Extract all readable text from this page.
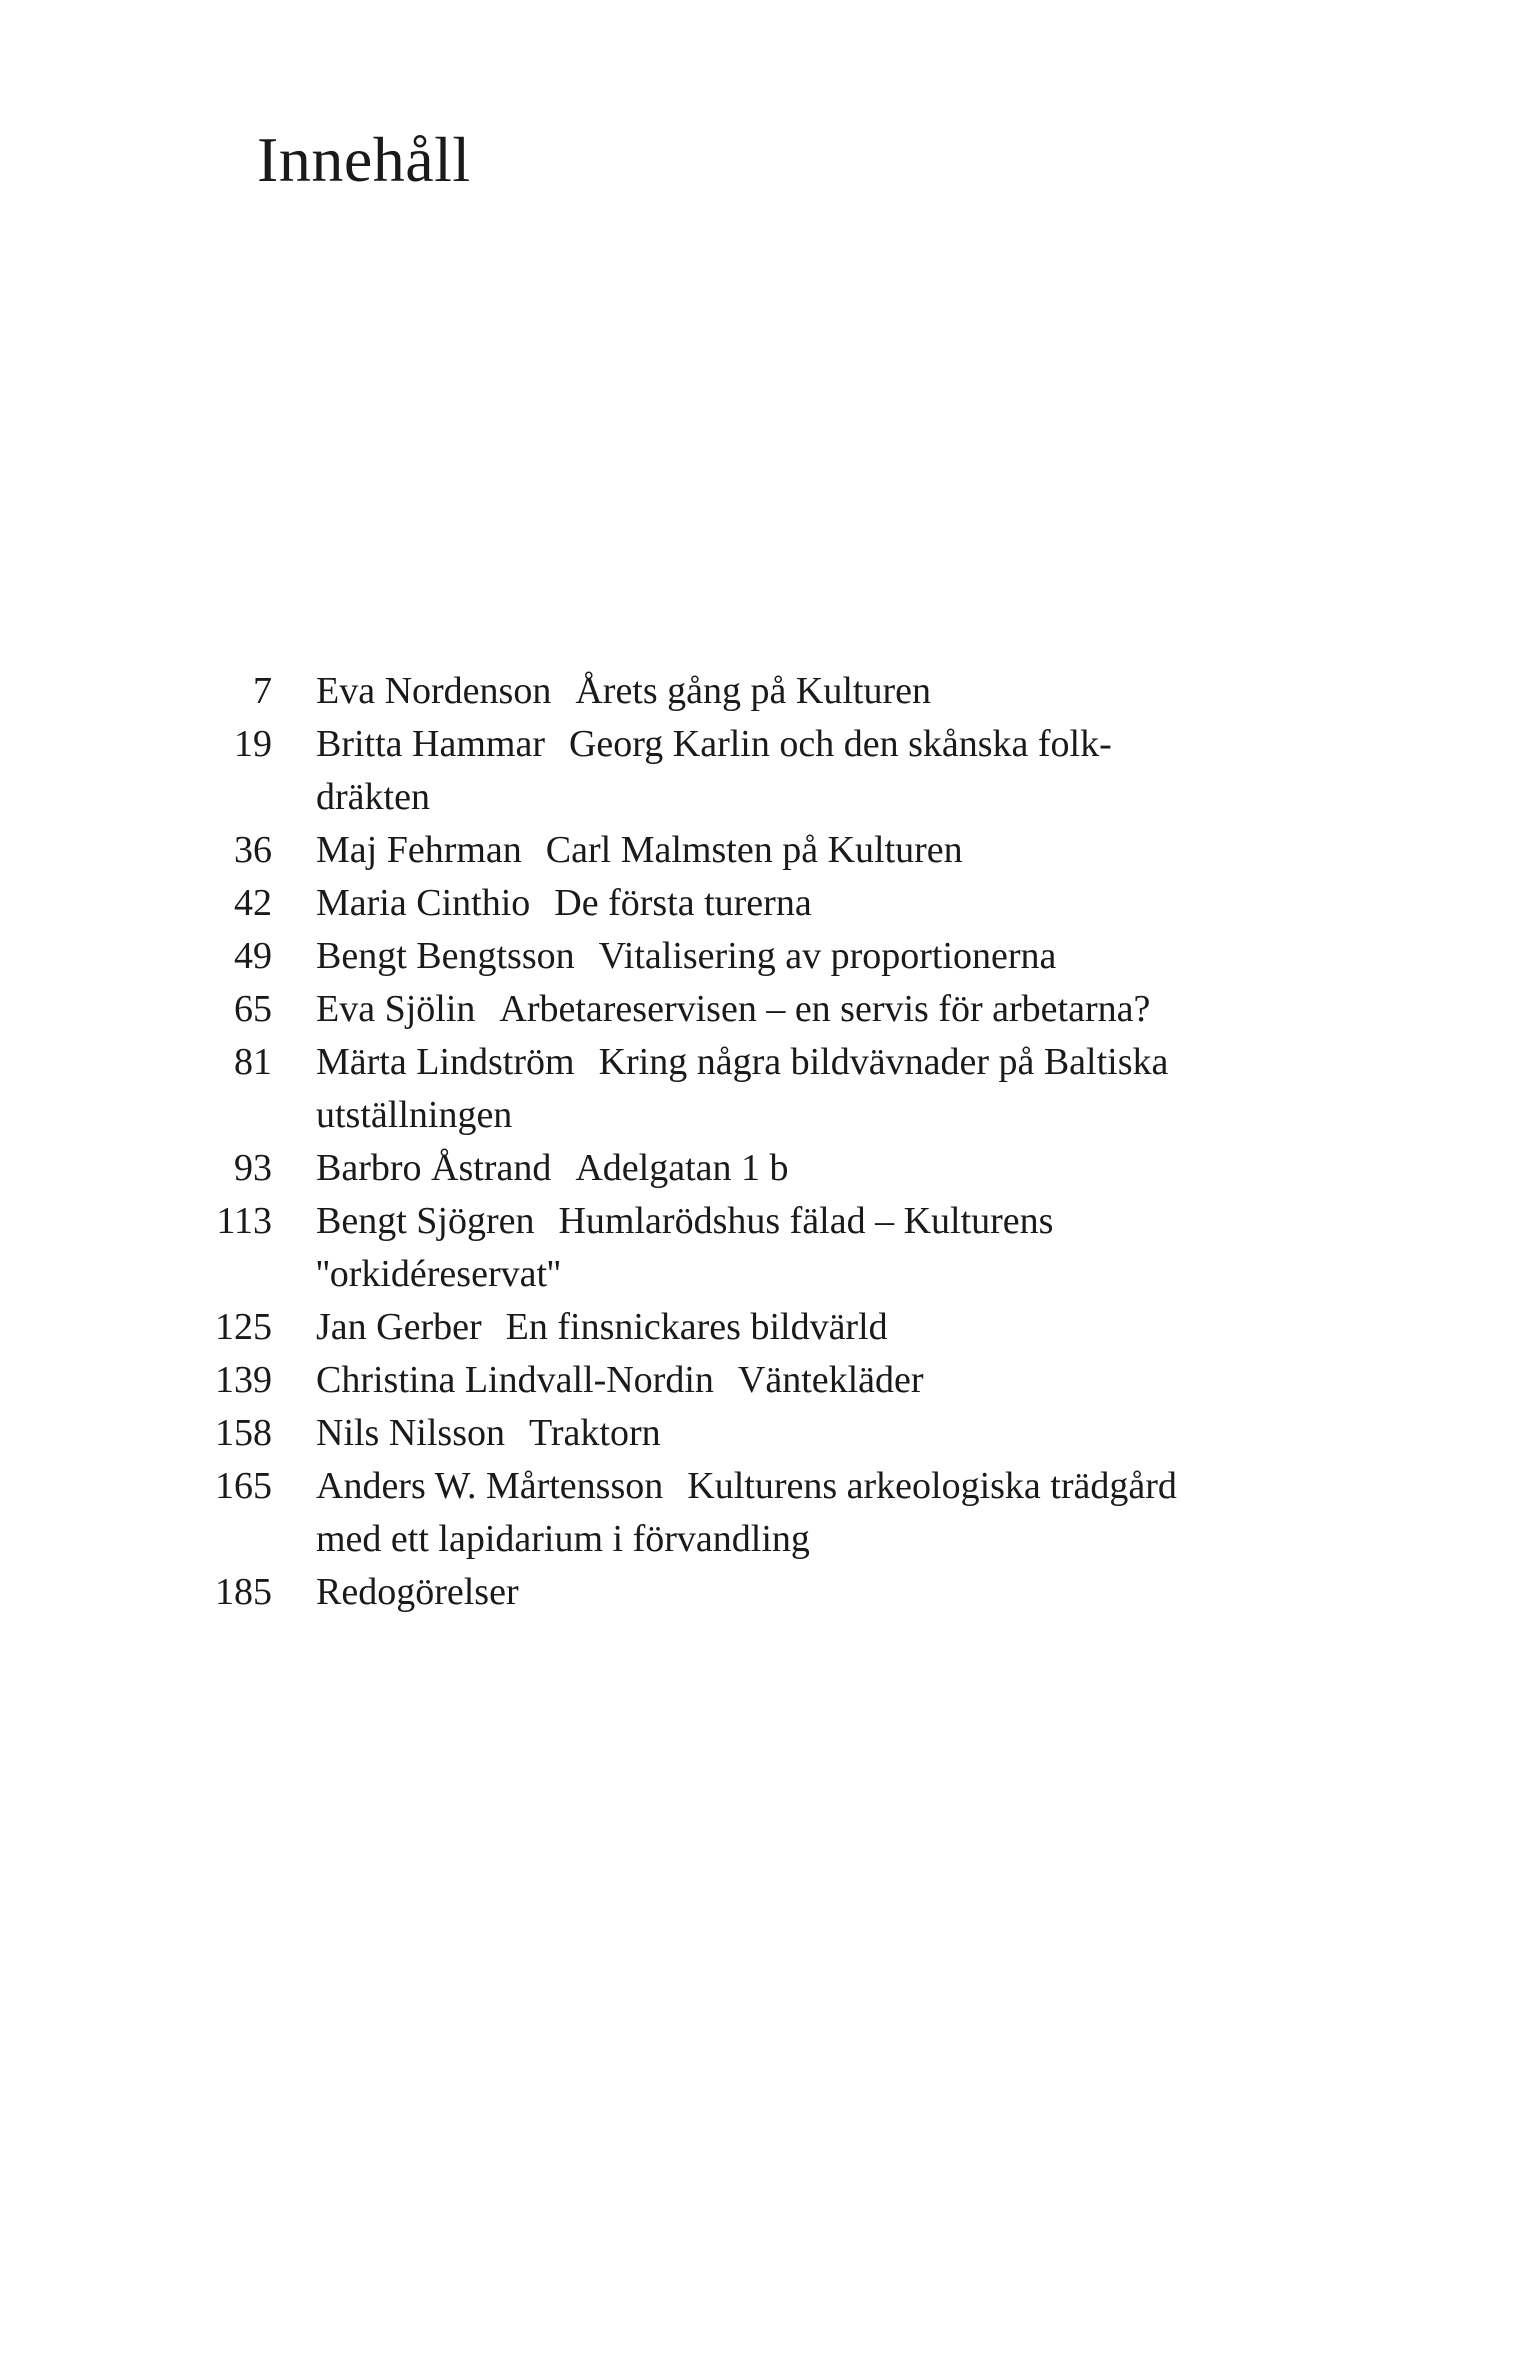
Innehåll
7	Eva Nordenson Årets gång på Kulturen
19	Britta Hammar Georg Karlin och den skånska folk-
dräkten
36	Maj Fehrman Carl Malmsten på Kulturen
42	Maria Cinthio De första turerna
49	Bengt Bengtsson Vitalisering av proportionerna
65	Eva Sjölin Arbetareservisen – en servis för arbetarna?
81	Märta Lindström Kring några bildvävnader på Baltiska
utställningen
93	Barbro Åstrand Adelgatan 1 b
113	Bengt Sjögren Humlarödshus fälad – Kulturens
''orkidéreservat''
125	Jan Gerber En finsnickares bildvärld
139	Christina Lindvall-Nordin Väntekläder
158	Nils Nilsson Traktorn
165	Anders W. Mårtensson Kulturens arkeologiska trädgård
med ett lapidarium i förvandling
185	Redogörelser
